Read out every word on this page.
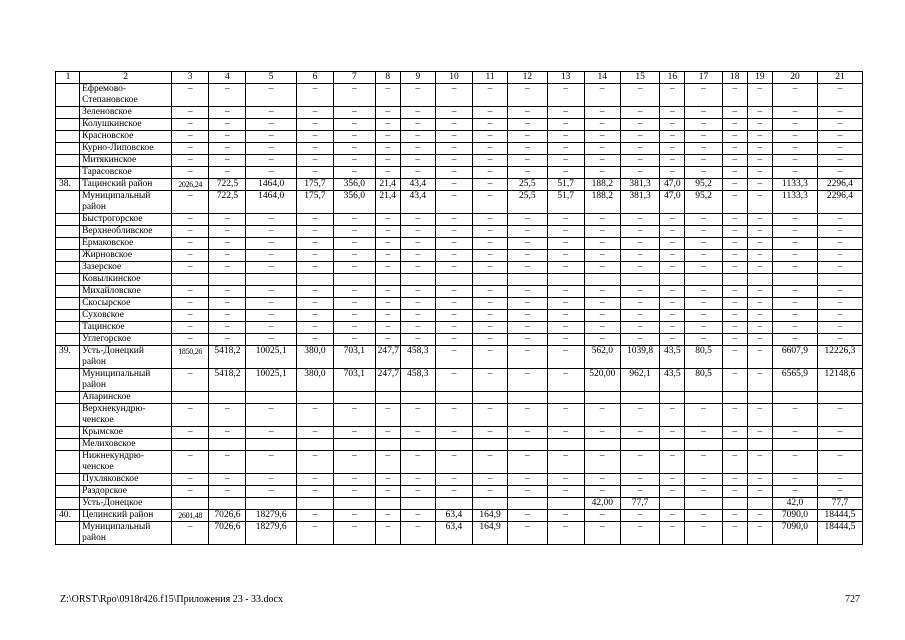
1	2	3	4	5	6	7	8	9	10	11	12	13	14	15	16	17	18	19	20	21
	Ефремово-Степановское	–	–	–	–	–	–	–	–	–	–	–	–	–	–	–	–	–	–	–
	Зеленовское	–	–	–	–	–	–	–	–	–	–	–	–	–	–	–	–	–	–	–
	Колушкинское	–	–	–	–	–	–	–	–	–	–	–	–	–	–	–	–	–	–	–
	Красновское	–	–	–	–	–	–	–	–	–	–	–	–	–	–	–	–	–	–	–
	Курно-Липовское	–	–	–	–	–	–	–	–	–	–	–	–	–	–	–	–	–	–	–
	Митякинское	–	–	–	–	–	–	–	–	–	–	–	–	–	–	–	–	–	–	–
	Тарасовское	–	–	–	–	–	–	–	–	–	–	–	–	–	–	–	–	–	–	–
38.	Тацинский район	2026,24	722,5	1464,0	175,7	356,0	21,4	43,4	–	–	25,5	51,7	188,2	381,3	47,0	95,2	–	–	1133,3	2296,4
	Муниципальный район	–	722,5	1464,0	175,7	356,0	21,4	43,4	–	–	25,5	51,7	188,2	381,3	47,0	95,2	–	–	1133,3	2296,4
	Быстрогорское	–	–	–	–	–	–	–	–	–	–	–	–	–	–	–	–	–	–	–
	Верхнеобливское	–	–	–	–	–	–	–	–	–	–	–	–	–	–	–	–	–	–	–
	Ермаковское	–	–	–	–	–	–	–	–	–	–	–	–	–	–	–	–	–	–	–
	Жирновское	–	–	–	–	–	–	–	–	–	–	–	–	–	–	–	–	–	–	–
	Зазерское	–	–	–	–	–	–	–	–	–	–	–	–	–	–	–	–	–	–	–
	Ковылкинское																			
	Михайловское	–	–	–	–	–	–	–	–	–	–	–	–	–	–	–	–	–	–	–
	Скосырское	–	–	–	–	–	–	–	–	–	–	–	–	–	–	–	–	–	–	–
	Суховское	–	–	–	–	–	–	–	–	–	–	–	–	–	–	–	–	–	–	–
	Тацинское	–	–	–	–	–	–	–	–	–	–	–	–	–	–	–	–	–	–	–
	Углегорское	–	–	–	–	–	–	–	–	–	–	–	–	–	–	–	–	–	–	–
39.	Усть-Донецкий район	1850,26	5418,2	10025,1	380,0	703,1	247,7	458,3	–	–	–	–	562,0	1039,8	43,5	80,5	–	–	6607,9	12226,3
	Муниципальный район	–	5418,2	10025,1	380,0	703,1	247,7	458,3	–	–	–	–	520,00	962,1	43,5	80,5	–	–	6565,9	12148,6
	Апаринское																			
	Верхнекундрю-ченское	–	–	–	–	–	–	–	–	–	–	–	–	–	–	–	–	–	–	–
	Крымское	–	–	–	–	–	–	–	–	–	–	–	–	–	–	–	–	–	–	–
	Мелиховское																			
	Нижнекундрю-ченское	–	–	–	–	–	–	–	–	–	–	–	–	–	–	–	–	–	–	–
	Пухляковское	–	–	–	–	–	–	–	–	–	–	–	–	–	–	–	–	–	–	–
	Раздорское	–	–	–	–	–	–	–	–	–	–	–	–	–	–	–	–	–	–	–
	Усть-Донецкое												42,00	77,7					42,0	77,7
40.	Целинский район	2601,48	7026,6	18279,6	–	–	–	–	63,4	164,9	–	–	–	–	–	–	–	–	7090,0	18444,5
	Муниципальный район	–	7026,6	18279,6	–	–	–	–	63,4	164,9	–	–	–	–	–	–	–	–	7090,0	18444,5
Z:\ORST\Rpo\0918r426.f15\Приложения 23 - 33.docx	727
